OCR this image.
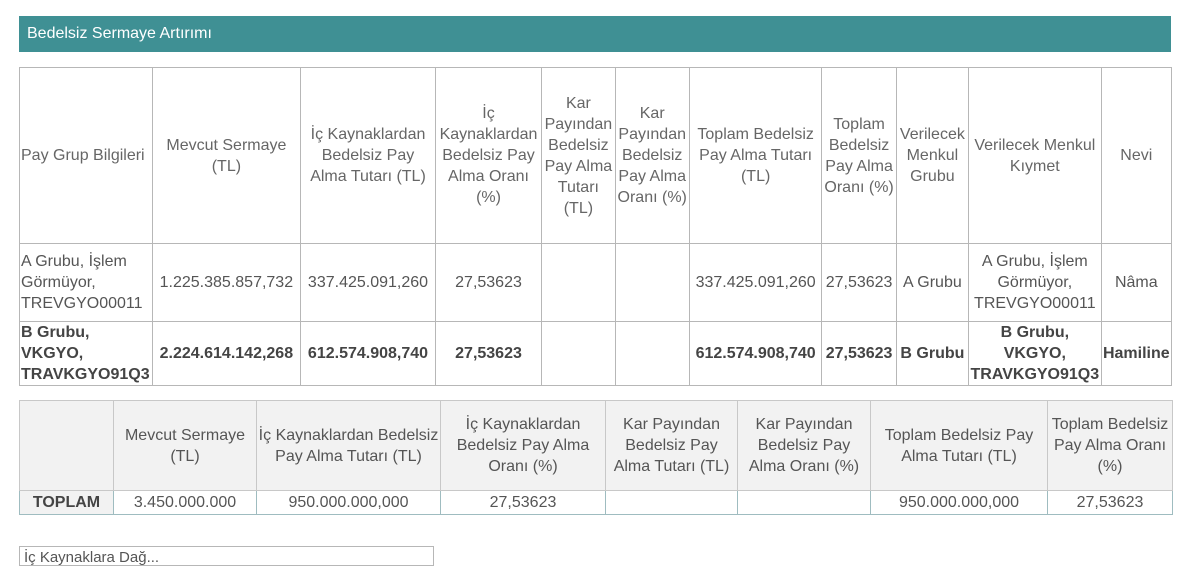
Bedelsiz Sermaye Artırımı
Pay Grup Bilgileri	Mevcut Sermaye (TL)	İç Kaynaklardan Bedelsiz Pay Alma Tutarı (TL)	İç Kaynaklardan Bedelsiz Pay Alma Oranı (%)	Kar Payından Bedelsiz Pay Alma Tutarı (TL)	Kar Payından Bedelsiz Pay Alma Oranı (%)	Toplam Bedelsiz Pay Alma Tutarı (TL)	Toplam Bedelsiz Pay Alma Oranı (%)	Verilecek Menkul Grubu	Verilecek Menkul Kıymet	Nevi
A Grubu, İşlem Görmüyor, TREVGYO00011	1.225.385.857,732	337.425.091,260	27,53623			337.425.091,260	27,53623	A Grubu	A Grubu, İşlem Görmüyor, TREVGYO00011	Nâma
B Grubu, VKGYO, TRAVKGYO91Q3	2.224.614.142,268	612.574.908,740	27,53623			612.574.908,740	27,53623	B Grubu	B Grubu, VKGYO, TRAVKGYO91Q3	Hamiline
	Mevcut Sermaye (TL)	İç Kaynaklardan Bedelsiz Pay Alma Tutarı (TL)	İç Kaynaklardan Bedelsiz Pay Alma Oranı (%)	Kar Payından Bedelsiz Pay Alma Tutarı (TL)	Kar Payından Bedelsiz Pay Alma Oranı (%)	Toplam Bedelsiz Pay Alma Tutarı (TL)	Toplam Bedelsiz Pay Alma Oranı (%)
TOPLAM	3.450.000.000	950.000.000,000	27,53623			950.000.000,000	27,53623
İç Kaynaklara Dağ...
